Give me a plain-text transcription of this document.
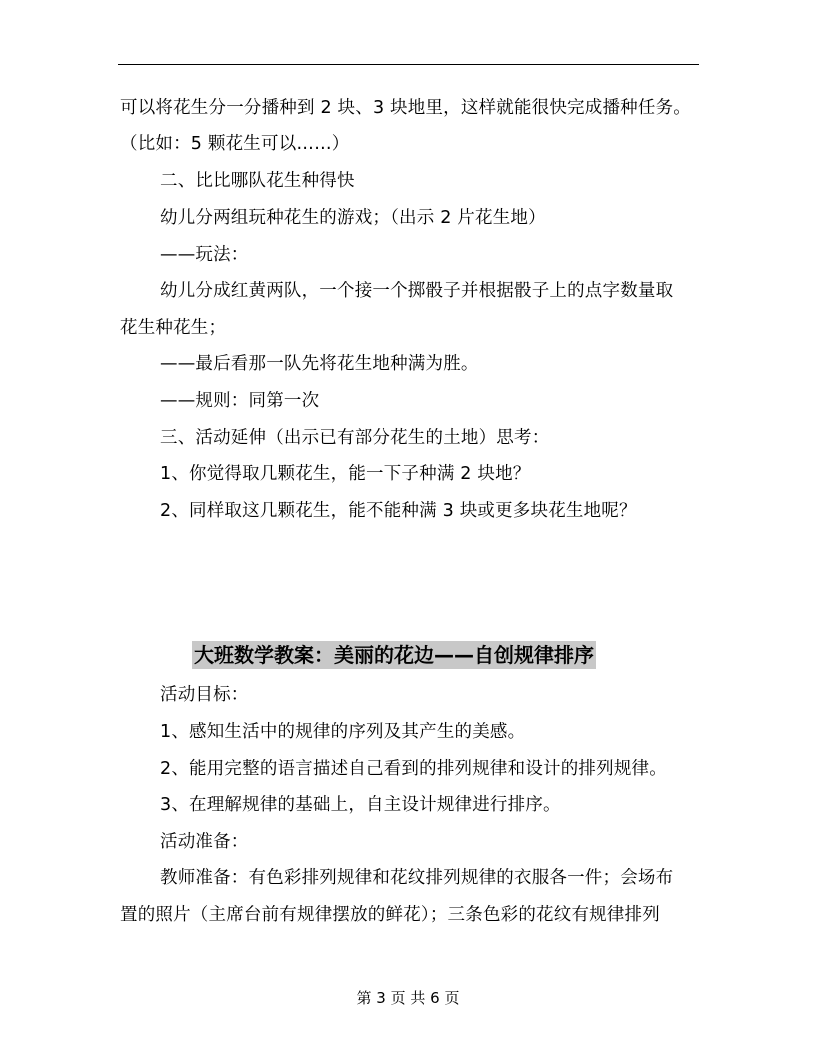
可以将花生分一分播种到 2 块、3 块地里，这样就能很快完成播种任务。
（比如：5 颗花生可以……）
二、比比哪队花生种得快
幼儿分两组玩种花生的游戏；（出示 2 片花生地）
——玩法：
幼儿分成红黄两队，一个接一个掷骰子并根据骰子上的点字数量取
花生种花生；
——最后看那一队先将花生地种满为胜。
——规则：同第一次
三、活动延伸（出示已有部分花生的土地）思考：
1、你觉得取几颗花生，能一下子种满 2 块地？
2、同样取这几颗花生，能不能种满 3 块或更多块花生地呢？
大班数学教案：美丽的花边——自创规律排序
活动目标：
1、感知生活中的规律的序列及其产生的美感。
2、能用完整的语言描述自己看到的排列规律和设计的排列规律。
3、在理解规律的基础上，自主设计规律进行排序。
活动准备：
教师准备：有色彩排列规律和花纹排列规律的衣服各一件；会场布
置的照片（主席台前有规律摆放的鲜花）；三条色彩的花纹有规律排列
第 3 页 共 6 页
